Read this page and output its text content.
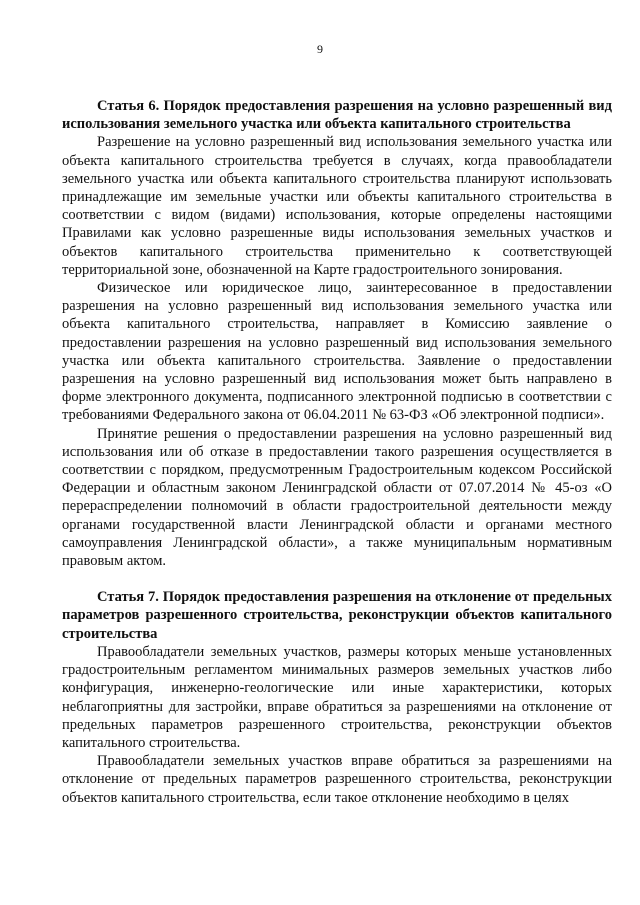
9

Статья 6. Порядок предоставления разрешения на условно разрешенный вид использования земельного участка или объекта капитального строительства

Разрешение на условно разрешенный вид использования земельного участка или объекта капитального строительства требуется в случаях, когда правообладатели земельного участка или объекта капитального строительства планируют использовать принадлежащие им земельные участки или объекты капитального строительства в соответствии с видом (видами) использования, которые определены настоящими Правилами как условно разрешенные виды использования земельных участков и объектов капитального строительства применительно к соответствующей территориальной зоне, обозначенной на Карте градостроительного зонирования.

Физическое или юридическое лицо, заинтересованное в предоставлении разрешения на условно разрешенный вид использования земельного участка или объекта капитального строительства, направляет в Комиссию заявление о предоставлении разрешения на условно разрешенный вид использования земельного участка или объекта капитального строительства. Заявление о предоставлении разрешения на условно разрешенный вид использования может быть направлено в форме электронного документа, подписанного электронной подписью в соответствии с требованиями Федерального закона от 06.04.2011 № 63-ФЗ «Об электронной подписи».

Принятие решения о предоставлении разрешения на условно разрешенный вид использования или об отказе в предоставлении такого разрешения осуществляется в соответствии с порядком, предусмотренным Градостроительным кодексом Российской Федерации и областным законом Ленинградской области от 07.07.2014 № 45-оз «О перераспределении полномочий в области градостроительной деятельности между органами государственной власти Ленинградской области и органами местного самоуправления Ленинградской области», а также муниципальным нормативным правовым актом.

Статья 7. Порядок предоставления разрешения на отклонение от предельных параметров разрешенного строительства, реконструкции объектов капитального строительства

Правообладатели земельных участков, размеры которых меньше установленных градостроительным регламентом минимальных размеров земельных участков либо конфигурация, инженерно-геологические или иные характеристики, которых неблагоприятны для застройки, вправе обратиться за разрешениями на отклонение от предельных параметров разрешенного строительства, реконструкции объектов капитального строительства.

Правообладатели земельных участков вправе обратиться за разрешениями на отклонение от предельных параметров разрешенного строительства, реконструкции объектов капитального строительства, если такое отклонение необходимо в целях
